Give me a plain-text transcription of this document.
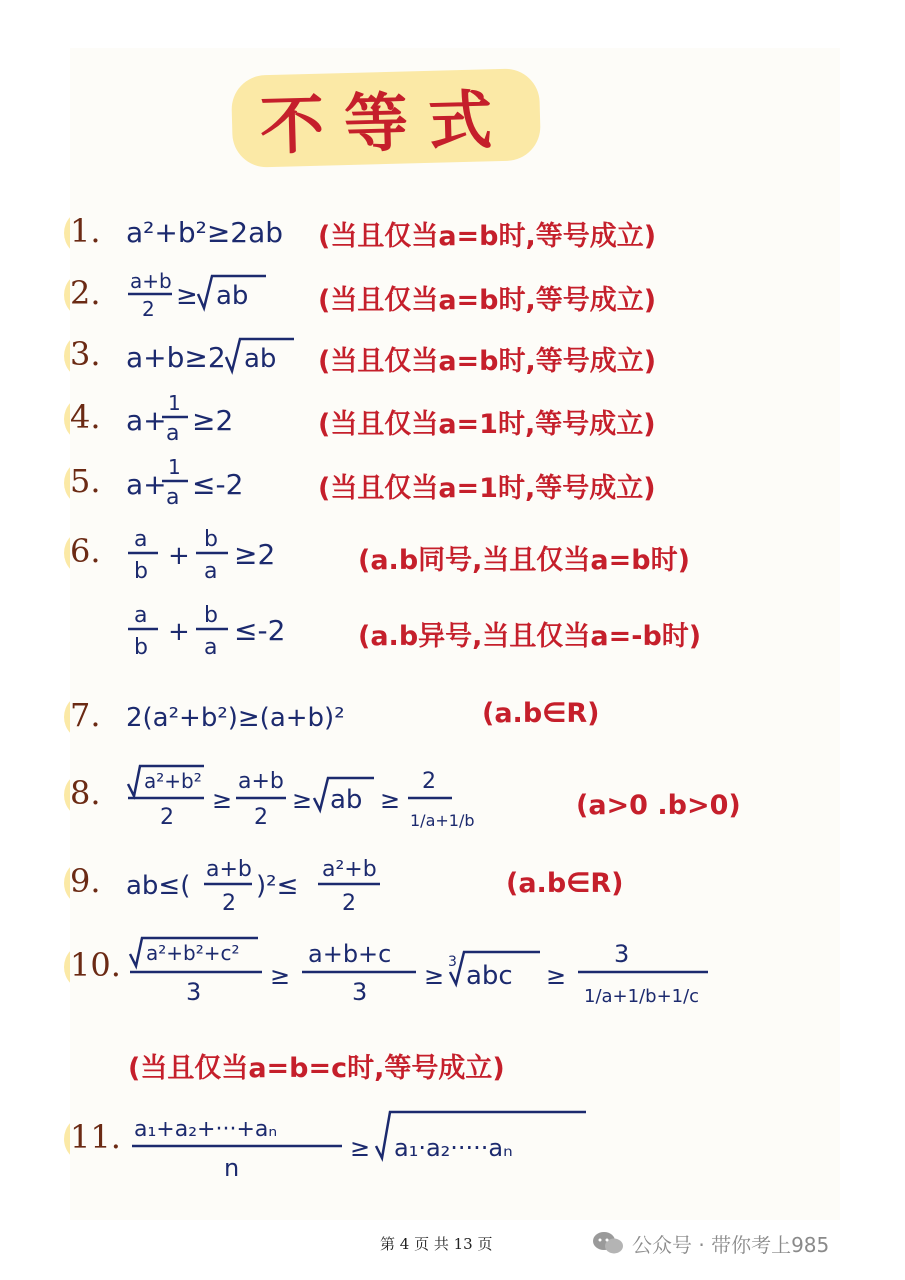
不等式
1. a²+b²≥2ab (当且仅当a=b时,等号成立)
2.	a+b
2 ≥ ab	(当且仅当a=b时,等号成立)
3. a+b≥2 ab (当且仅当a=b时,等号成立)
4. a+
1
a ≥2	(当且仅当a=1时,等号成立)
5. a+
1
a ≤-2	(当且仅当a=1时,等号成立)
6.	a
b
+
b
a
≥2	(a.b同号,当且仅当a=b时)
a
b
+
b
a
≤-2	(a.b异号,当且仅当a=-b时)
7. 2(a²+b²)≥(a+b)²	(a.b∈R)
8.	a²+b²
2
≥
a+b
2
≥ ab ≥
2
1/a+1/b	(a>0 .b>0)
9. ab≤(
a+b
2
)²≤
a²+b
2
(a.b∈R)
10. a²+b²+c²
3
≥
a+b+c
3
≥ 3 abc ≥
3
1/a+1/b+1/c
(当且仅当a=b=c时,等号成立)
11. a₁+a₂+···+aₙ
n
≥ a₁·a₂·····aₙ
第 4 页 共 13 页	公众号 · 带你考上985
